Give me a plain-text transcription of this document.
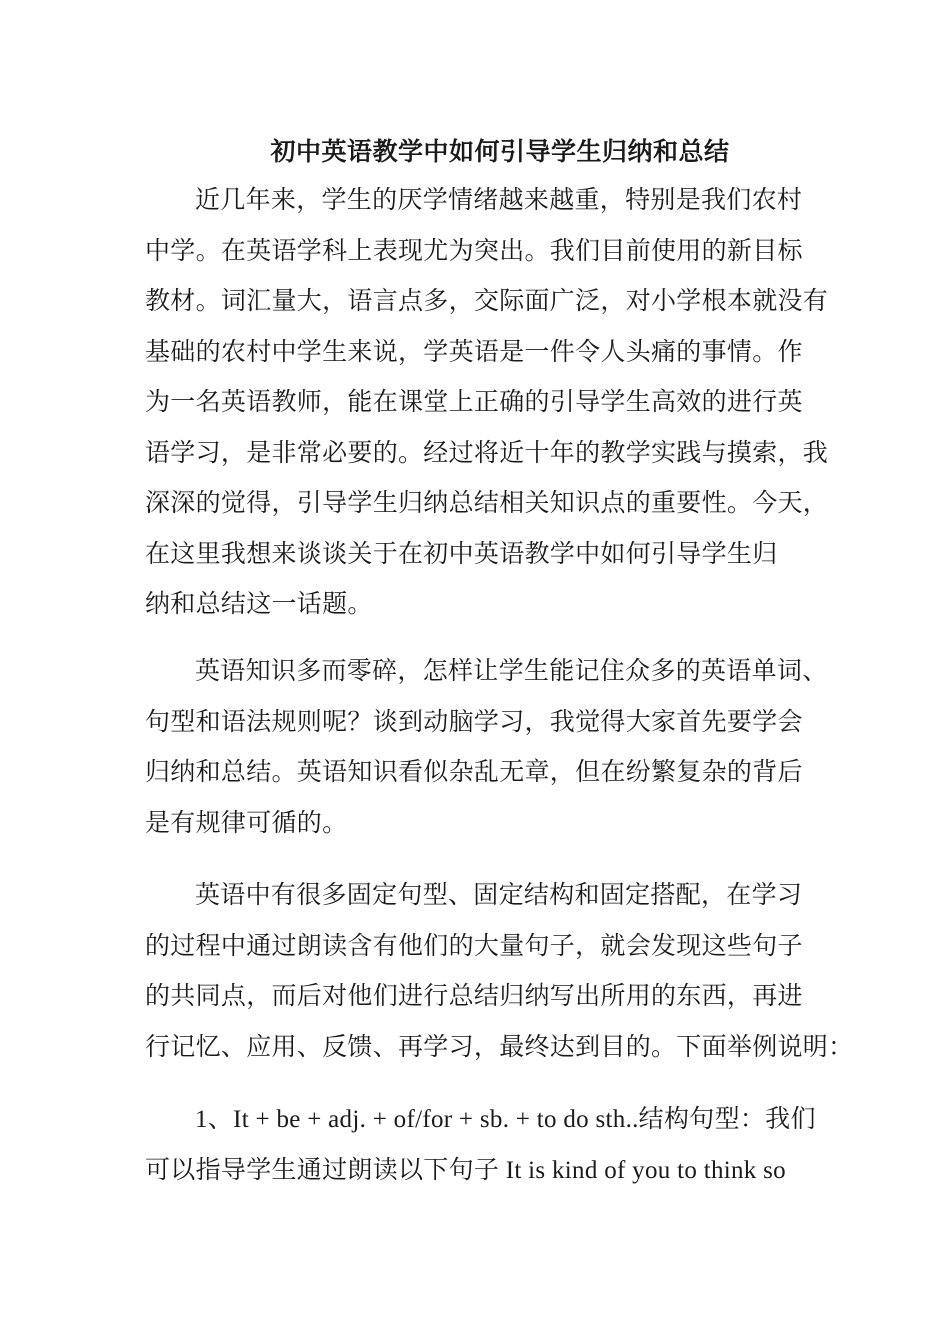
初中英语教学中如何引导学生归纳和总结
近几年来，学生的厌学情绪越来越重，特别是我们农村
中学。在英语学科上表现尤为突出。我们目前使用的新目标
教材。词汇量大，语言点多，交际面广泛，对小学根本就没有
基础的农村中学生来说，学英语是一件令人头痛的事情。作
为一名英语教师，能在课堂上正确的引导学生高效的进行英
语学习，是非常必要的。经过将近十年的教学实践与摸索，我
深深的觉得，引导学生归纳总结相关知识点的重要性。今天，
在这里我想来谈谈关于在初中英语教学中如何引导学生归
纳和总结这一话题。
英语知识多而零碎，怎样让学生能记住众多的英语单词、
句型和语法规则呢？谈到动脑学习，我觉得大家首先要学会
归纳和总结。英语知识看似杂乱无章，但在纷繁复杂的背后
是有规律可循的。
英语中有很多固定句型、固定结构和固定搭配，在学习
的过程中通过朗读含有他们的大量句子，就会发现这些句子
的共同点，而后对他们进行总结归纳写出所用的东西，再进
行记忆、应用、反馈、再学习，最终达到目的。下面举例说明：
1、It + be + adj. + of/for + sb. + to do sth..结构句型：我们
可以指导学生通过朗读以下句子 It is kind of you to think so
